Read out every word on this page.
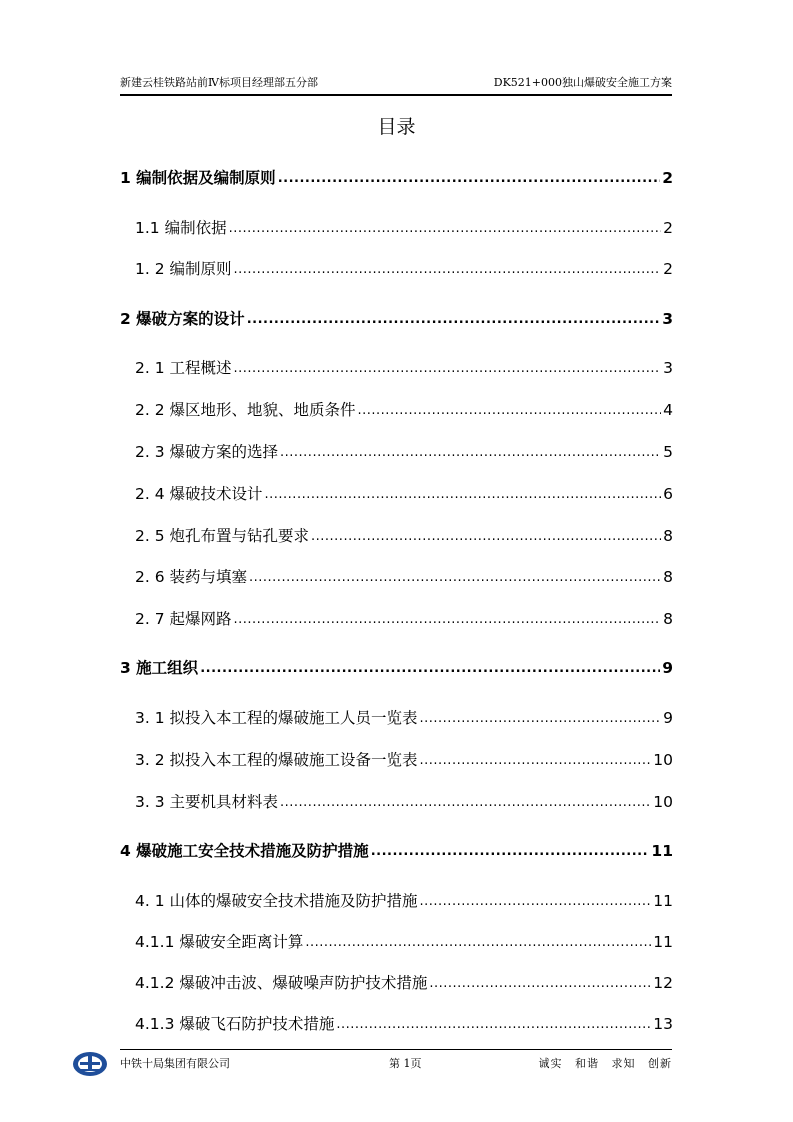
新建云桂铁路站前Ⅳ标项目经理部五分部	DK521+000独山爆破安全施工方案
目录
1 编制依据及编制原则 .....	2
1.1 编制依据 .....	2
1. 2 编制原则 .....	2
2 爆破方案的设计 .....	3
2. 1 工程概述 .....	3
2. 2 爆区地形、地貌、地质条件 .....	4
2. 3 爆破方案的选择 .....	5
2. 4 爆破技术设计 .....	6
2. 5 炮孔布置与钻孔要求 .....	8
2. 6 装药与填塞 .....	8
2. 7 起爆网路 .....	8
3 施工组织 .....	9
3. 1 拟投入本工程的爆破施工人员一览表 .....	9
3. 2 拟投入本工程的爆破施工设备一览表 .....	10
3. 3 主要机具材料表 .....	10
4 爆破施工安全技术措施及防护措施 .....	11
4. 1 山体的爆破安全技术措施及防护措施 .....	11
4.1.1 爆破安全距离计算 .....	11
4.1.2 爆破冲击波、爆破噪声防护技术措施 .....	12
4.1.3 爆破飞石防护技术措施 .....	13
中铁十局集团有限公司	第 1页	诚实 和谐 求知 创新
